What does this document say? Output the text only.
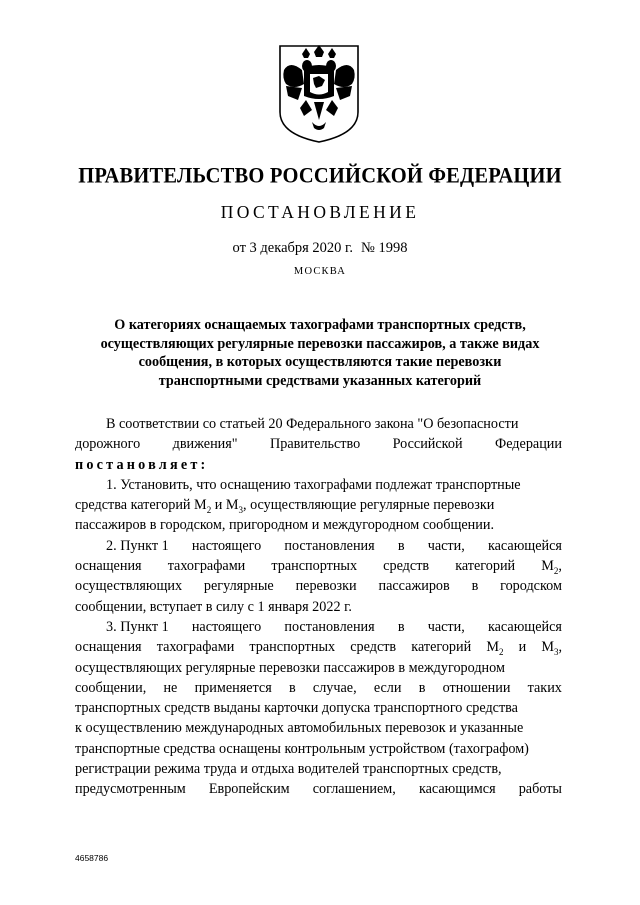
ПРАВИТЕЛЬСТВО РОССИЙСКОЙ ФЕДЕРАЦИИ
ПОСТАНОВЛЕНИЕ
от 3 декабря 2020 г. № 1998
МОСКВА
О категориях оснащаемых тахографами транспортных средств,
осуществляющих регулярные перевозки пассажиров, а также видах
сообщения, в которых осуществляются такие перевозки
транспортными средствами указанных категорий
В соответствии со статьей 20 Федерального закона "О безопасности
дорожного движения" Правительство Российской Федерации
постановляет:
1. Установить, что оснащению тахографами подлежат транспортные
средства категорий $M_2$ и $M_3$, осуществляющие регулярные перевозки
пассажиров в городском, пригородном и междугородном сообщении.
2. Пункт 1 настоящего постановления в части, касающейся
оснащения тахографами транспортных средств категорий $M_2$,
осуществляющих регулярные перевозки пассажиров в городском
сообщении, вступает в силу с 1 января 2022 г.
3. Пункт 1 настоящего постановления в части, касающейся
оснащения тахографами транспортных средств категорий $M_2$ и $M_3$,
осуществляющих регулярные перевозки пассажиров в междугородном
сообщении, не применяется в случае, если в отношении таких
транспортных средств выданы карточки допуска транспортного средства
к осуществлению международных автомобильных перевозок и указанные
транспортные средства оснащены контрольным устройством (тахографом)
регистрации режима труда и отдыха водителей транспортных средств,
предусмотренным Европейским соглашением, касающимся работы
4658786
